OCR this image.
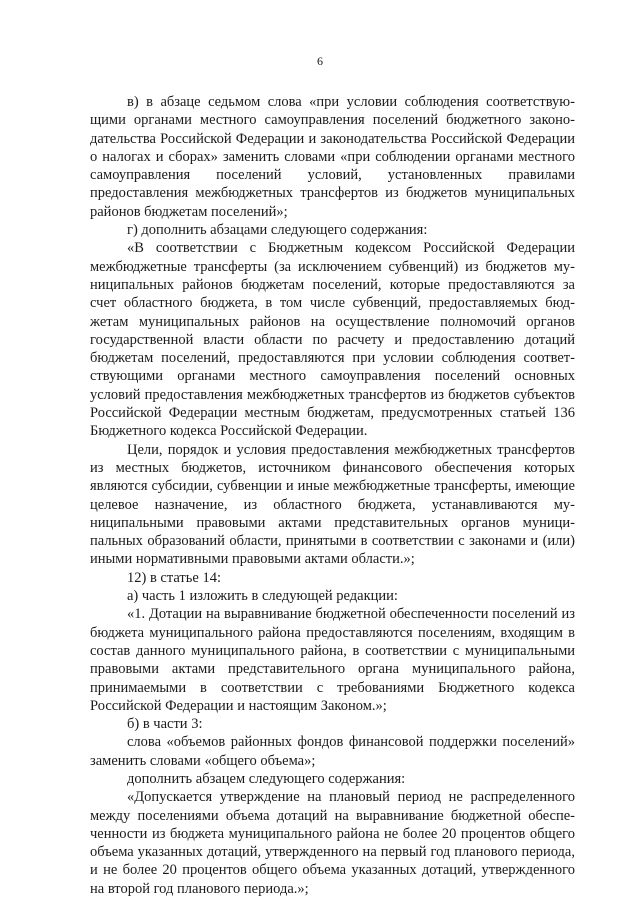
6

в) в абзаце седьмом слова «при условии соблюдения соответствующими органами местного самоуправления поселений бюджетного законодательства Российской Федерации и законодательства Российской Федерации о налогах и сборах» заменить словами «при соблюдении органами местного самоуправления поселений условий, установленных правилами предоставления межбюджетных трансфертов из бюджетов муниципальных районов бюджетам поселений»;

г) дополнить абзацами следующего содержания:

«В соответствии с Бюджетным кодексом Российской Федерации межбюджетные трансферты (за исключением субвенций) из бюджетов муниципальных районов бюджетам поселений, которые предоставляются за счет областного бюджета, в том числе субвенций, предоставляемых бюджетам муниципальных районов на осуществление полномочий органов государственной власти области по расчету и предоставлению дотаций бюджетам поселений, предоставляются при условии соблюдения соответствующими органами местного самоуправления поселений основных условий предоставления межбюджетных трансфертов из бюджетов субъектов Российской Федерации местным бюджетам, предусмотренных статьей 136 Бюджетного кодекса Российской Федерации.

Цели, порядок и условия предоставления межбюджетных трансфертов из местных бюджетов, источником финансового обеспечения которых являются субсидии, субвенции и иные межбюджетные трансферты, имеющие целевое назначение, из областного бюджета, устанавливаются муниципальными правовыми актами представительных органов муниципальных образований области, принятыми в соответствии с законами и (или) иными нормативными правовыми актами области.»;

12) в статье 14:

а) часть 1 изложить в следующей редакции:

«1. Дотации на выравнивание бюджетной обеспеченности поселений из бюджета муниципального района предоставляются поселениям, входящим в состав данного муниципального района, в соответствии с муниципальными правовыми актами представительного органа муниципального района, принимаемыми в соответствии с требованиями Бюджетного кодекса Российской Федерации и настоящим Законом.»;

б) в части 3:

слова «объемов районных фондов финансовой поддержки поселений» заменить словами «общего объема»;

дополнить абзацем следующего содержания:

«Допускается утверждение на плановый период не распределенного между поселениями объема дотаций на выравнивание бюджетной обеспеченности из бюджета муниципального района не более 20 процентов общего объема указанных дотаций, утвержденного на первый год планового периода, и не более 20 процентов общего объема указанных дотаций, утвержденного на второй год планового периода.»;
